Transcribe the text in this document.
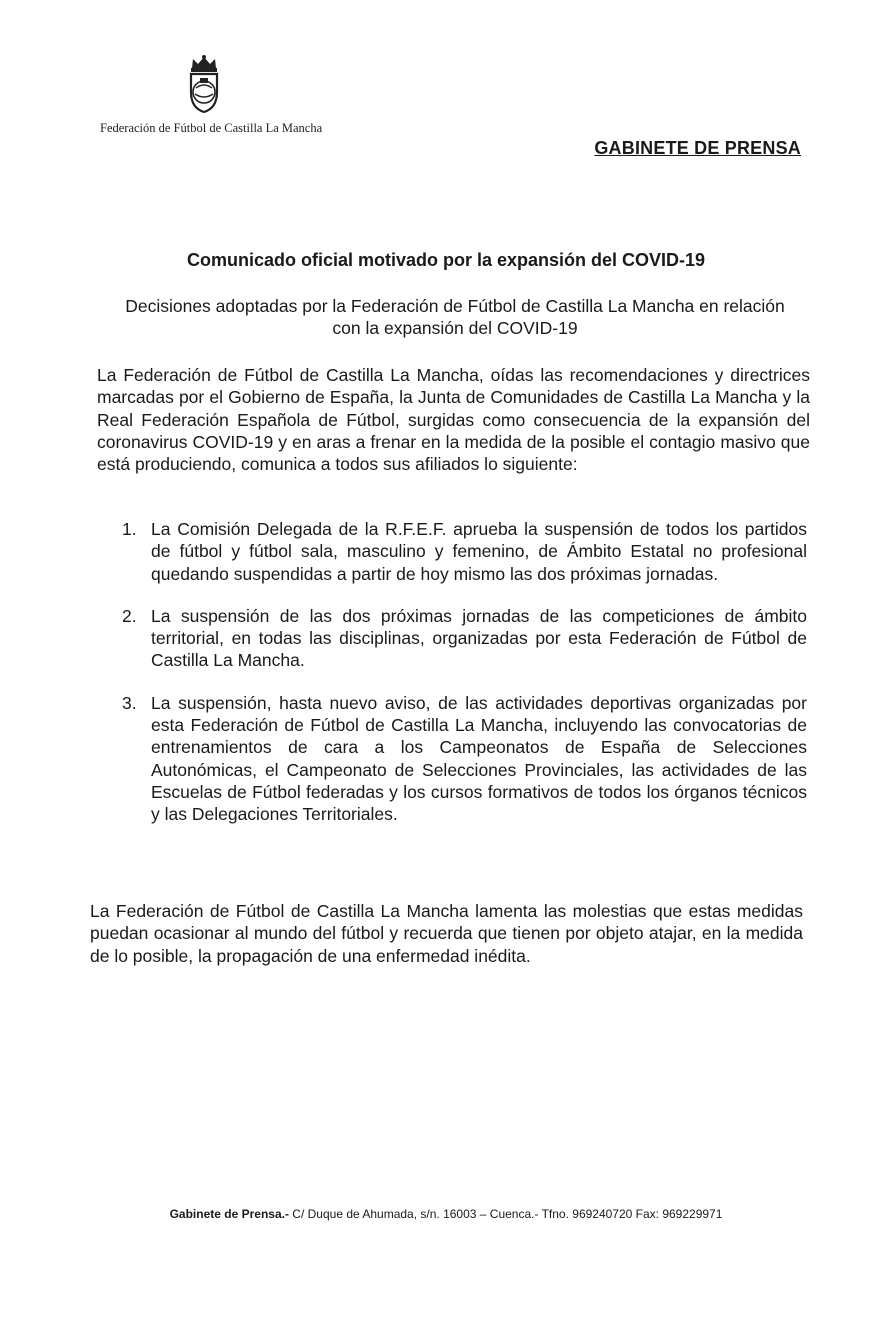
Federación de Fútbol de Castilla La Mancha
GABINETE DE PRENSA
Comunicado oficial motivado por la expansión del COVID-19
Decisiones adoptadas por la Federación de Fútbol de Castilla La Mancha en relación con la expansión del COVID-19

La Federación de Fútbol de Castilla La Mancha, oídas las recomendaciones y directrices marcadas por el Gobierno de España, la Junta de Comunidades de Castilla La Mancha y la Real Federación Española de Fútbol, surgidas como consecuencia de la expansión del coronavirus COVID-19 y en aras a frenar en la medida de la posible el contagio masivo que está produciendo, comunica a todos sus afiliados lo siguiente:

1. La Comisión Delegada de la R.F.E.F. aprueba la suspensión de todos los partidos de fútbol y fútbol sala, masculino y femenino, de Ámbito Estatal no profesional quedando suspendidas a partir de hoy mismo las dos próximas jornadas.
2. La suspensión de las dos próximas jornadas de las competiciones de ámbito territorial, en todas las disciplinas, organizadas por esta Federación de Fútbol de Castilla La Mancha.
3. La suspensión, hasta nuevo aviso, de las actividades deportivas organizadas por esta Federación de Fútbol de Castilla La Mancha, incluyendo las convocatorias de entrenamientos de cara a los Campeonatos de España de Selecciones Autonómicas, el Campeonato de Selecciones Provinciales, las actividades de las Escuelas de Fútbol federadas y los cursos formativos de todos los órganos técnicos y las Delegaciones Territoriales.

La Federación de Fútbol de Castilla La Mancha lamenta las molestias que estas medidas puedan ocasionar al mundo del fútbol y recuerda que tienen por objeto atajar, en la medida de lo posible, la propagación de una enfermedad inédita.

Gabinete de Prensa.- C/ Duque de Ahumada, s/n. 16003 – Cuenca.- Tfno. 969240720 Fax: 969229971
